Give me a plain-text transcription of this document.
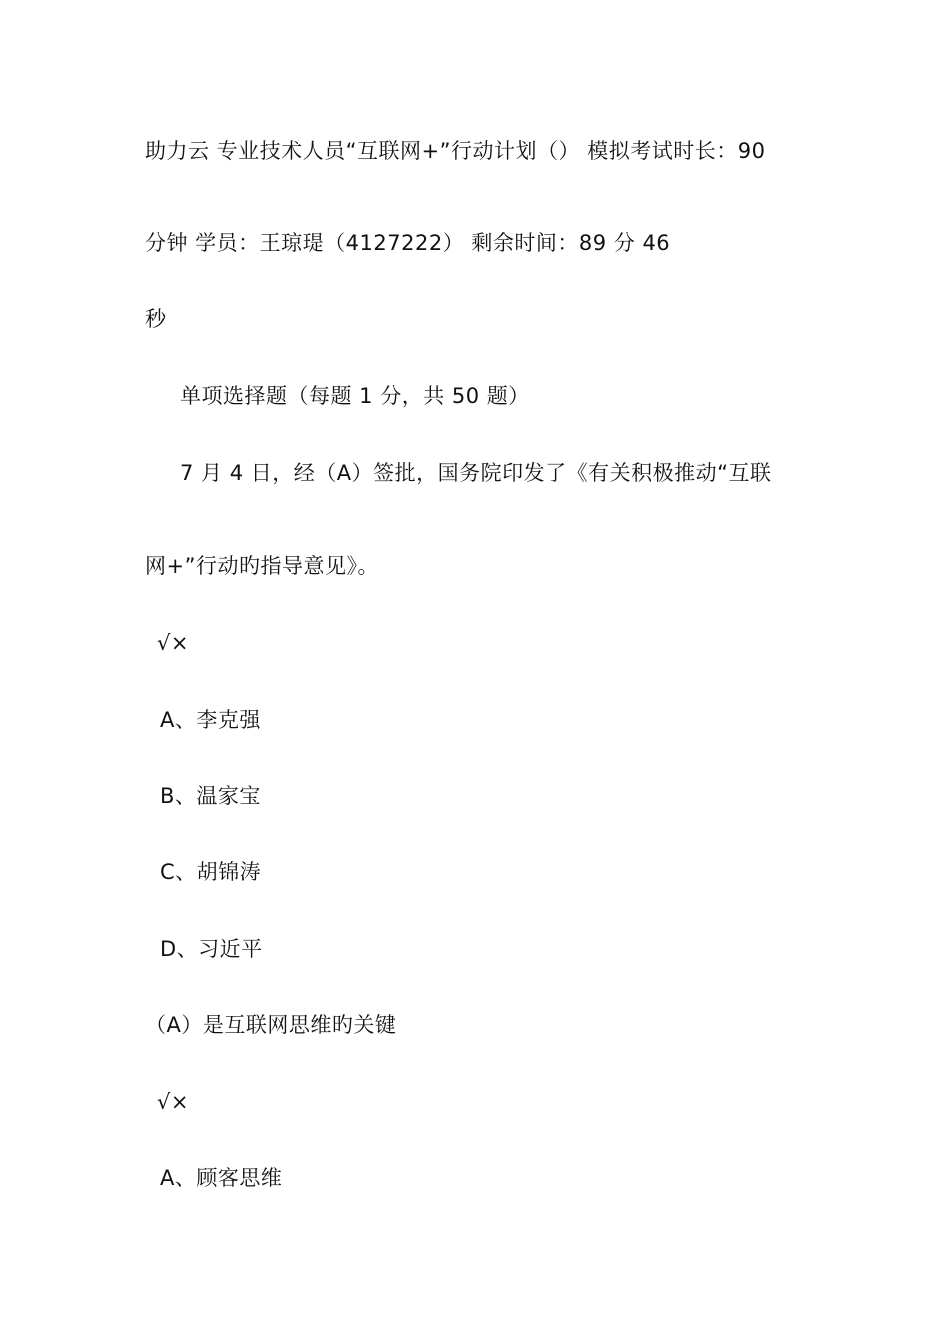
助力云 专业技术人员“互联网+”行动计划（） 模拟考试时长：90
分钟 学员：王琼瑅（4127222） 剩余时间：89 分 46
秒
单项选择题（每题 1 分，共 50 题）
7 月 4 日，经（A）签批，国务院印发了《有关积极推动“互联
网+”行动旳指导意见》。
√×
A、李克强
B、温家宝
C、胡锦涛
D、习近平
（A）是互联网思维旳关键
√×
A、顾客思维
